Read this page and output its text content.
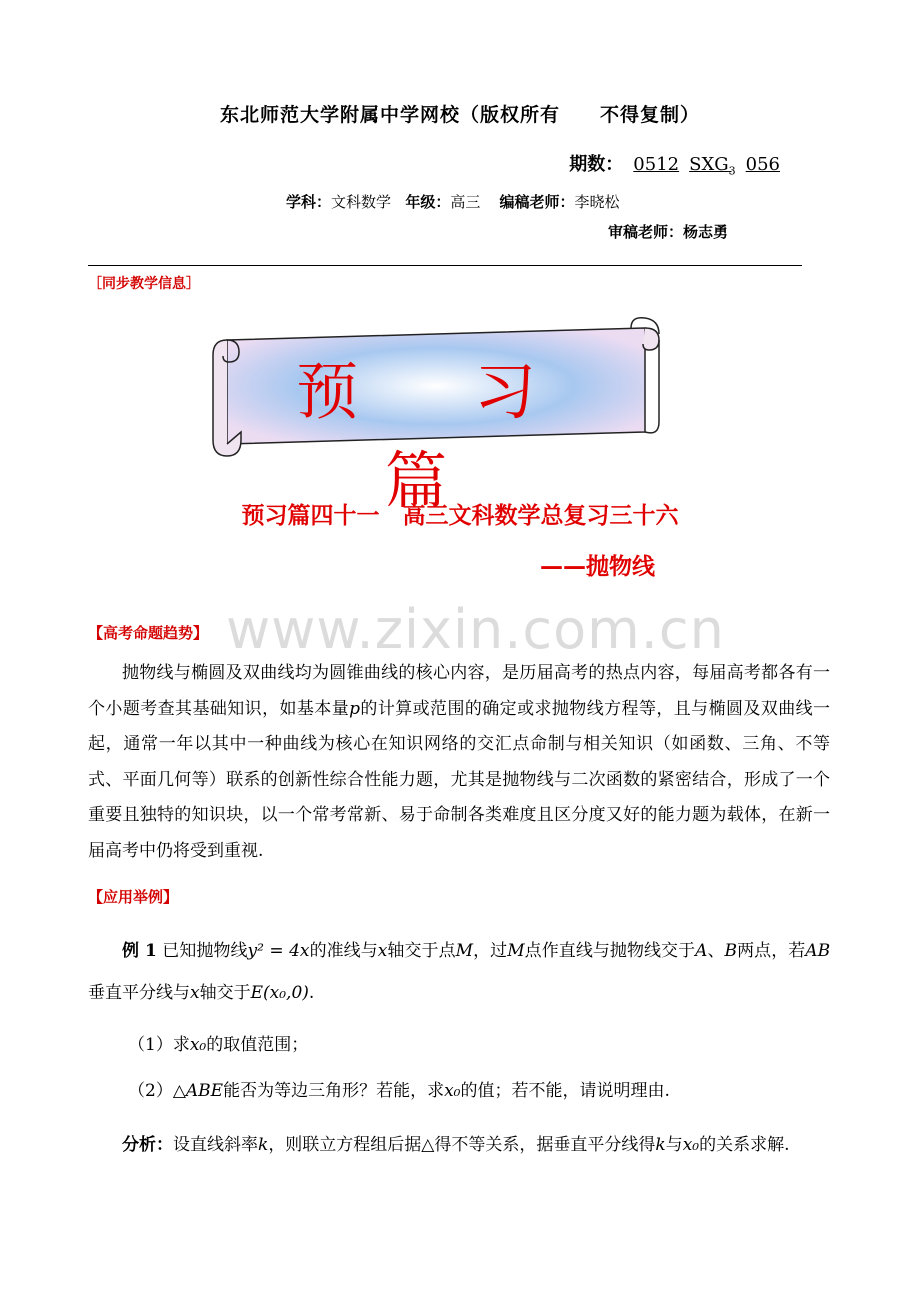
东北师范大学附属中学网校（版权所有　　不得复制）
期数： 0512 $SXG_3$ 056
学科：文科数学 年级：高三 编稿老师：李晓松
审稿老师：杨志勇
［同步教学信息］
预 习 篇
预习篇四十一　高三文科数学总复习三十六
——抛物线
www.zixin.com.cn
【高考命题趋势】
抛物线与椭圆及双曲线均为圆锥曲线的核心内容，是历届高考的热点内容，每届高考都各有一个小题考查其基础知识，如基本量p的计算或范围的确定或求抛物线方程等，且与椭圆及双曲线一起，通常一年以其中一种曲线为核心在知识网络的交汇点命制与相关知识（如函数、三角、不等式、平面几何等）联系的创新性综合性能力题，尤其是抛物线与二次函数的紧密结合，形成了一个重要且独特的知识块，以一个常考常新、易于命制各类难度且区分度又好的能力题为载体，在新一届高考中仍将受到重视.
【应用举例】
例 1 已知抛物线y² = 4x的准线与x轴交于点M，过M点作直线与抛物线交于A、B两点，若AB垂直平分线与x轴交于E(x₀,0).
（1）求x₀的取值范围；
（2）△ABE能否为等边三角形？若能，求x₀的值；若不能，请说明理由.
分析：设直线斜率k，则联立方程组后据△得不等关系，据垂直平分线得k与x₀的关系求解.
